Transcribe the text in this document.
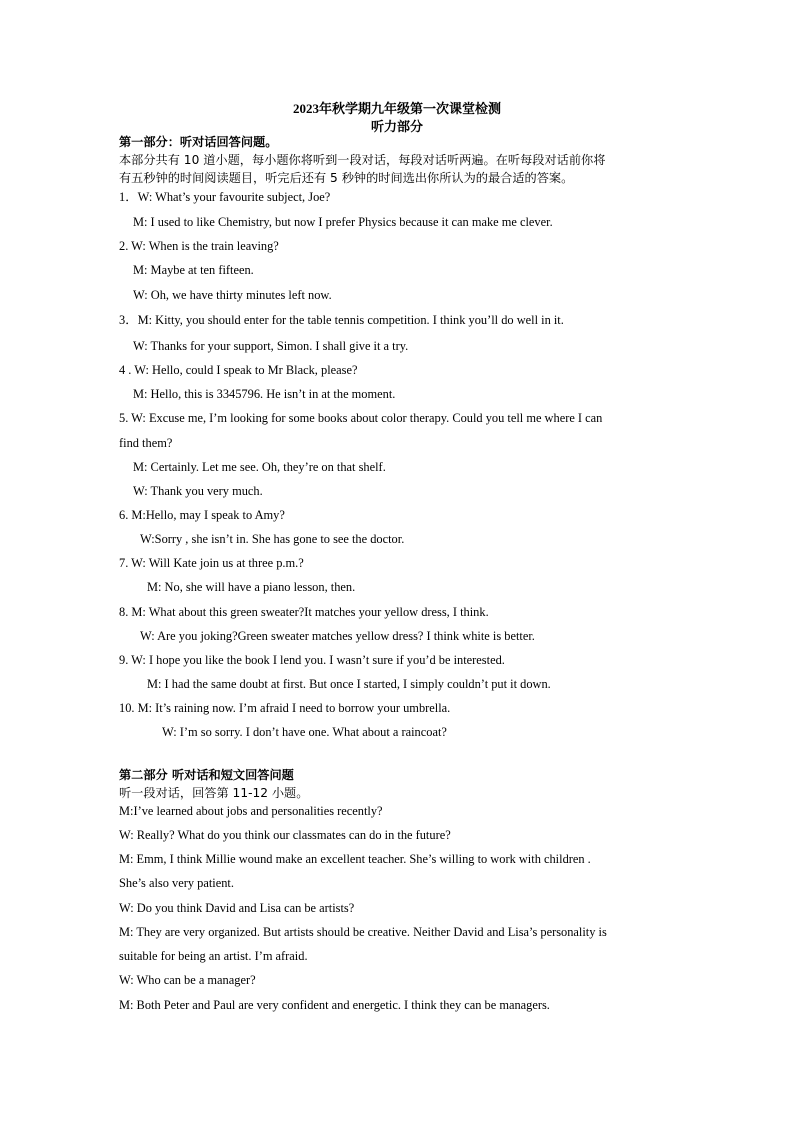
2023年秋学期九年级第一次课堂检测
听力部分
第一部分：听对话回答问题。
本部分共有 10 道小题，每小题你将听到一段对话，每段对话听两遍。在听每段对话前你将
有五秒钟的时间阅读题目，听完后还有 5 秒钟的时间选出你所认为的最合适的答案。
1．W: What’s your favourite subject, Joe?
M: I used to like Chemistry, but now I prefer Physics because it can make me clever.
2. W: When is the train leaving?
M: Maybe at ten fifteen.
W: Oh, we have thirty minutes left now.
3．M: Kitty, you should enter for the table tennis competition. I think you’ll do well in it.
W: Thanks for your support, Simon. I shall give it a try.
4 . W: Hello, could I speak to Mr Black, please?
M: Hello, this is 3345796. He isn’t in at the moment.
5. W: Excuse me, I’m looking for some books about color therapy. Could you tell me where I can
find them?
M: Certainly. Let me see. Oh, they’re on that shelf.
W: Thank you very much.
6. M:Hello, may I speak to Amy?
W:Sorry , she isn’t in. She has gone to see the doctor.
7. W: Will Kate join us at three p.m.?
M: No, she will have a piano lesson, then.
8. M: What about this green sweater?It matches your yellow dress, I think.
W: Are you joking?Green sweater matches yellow dress? I think white is better.
9. W: I hope you like the book I lend you. I wasn’t sure if you’d be interested.
M: I had the same doubt at first. But once I started, I simply couldn’t put it down.
10. M: It’s raining now. I’m afraid I need to borrow your umbrella.
W: I’m so sorry. I don’t have one. What about a raincoat?
第二部分 听对话和短文回答问题
听一段对话，回答第 11-12 小题。
M:I’ve learned about jobs and personalities recently?
W: Really? What do you think our classmates can do in the future?
M: Emm, I think Millie wound make an excellent teacher. She’s willing to work with children .
She’s also very patient.
W: Do you think David and Lisa can be artists?
M: They are very organized. But artists should be creative. Neither David and Lisa’s personality is
suitable for being an artist. I’m afraid.
W: Who can be a manager?
M: Both Peter and Paul are very confident and energetic. I think they can be managers.
